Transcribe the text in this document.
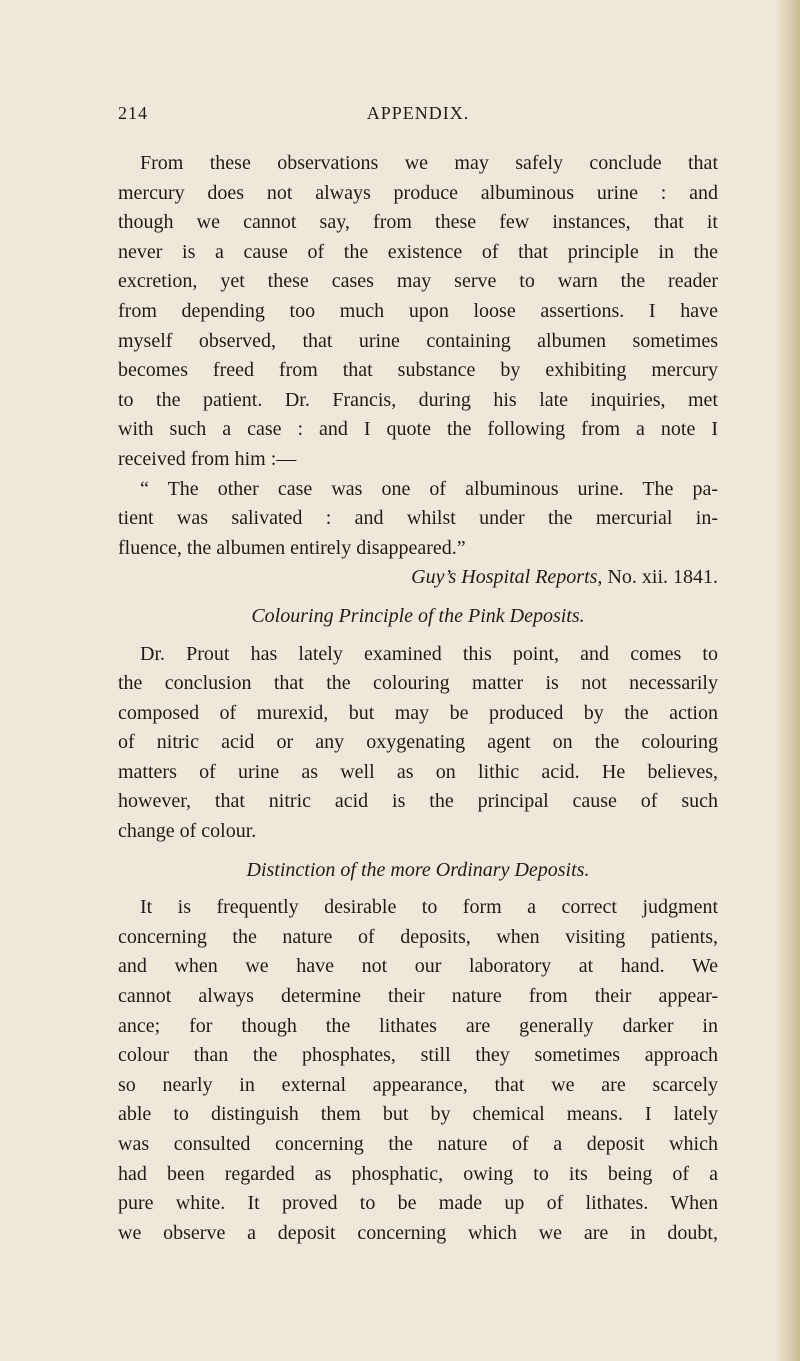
214	APPENDIX.
From these observations we may safely conclude that
mercury does not always produce albuminous urine : and
though we cannot say, from these few instances, that it
never is a cause of the existence of that principle in the
excretion, yet these cases may serve to warn the reader
from depending too much upon loose assertions. I have
myself observed, that urine containing albumen sometimes
becomes freed from that substance by exhibiting mercury
to the patient. Dr. Francis, during his late inquiries, met
with such a case : and I quote the following from a note I
received from him :—
“ The other case was one of albuminous urine. The pa-
tient was salivated : and whilst under the mercurial in-
fluence, the albumen entirely disappeared.”
Guy’s Hospital Reports, No. xii. 1841.
Colouring Principle of the Pink Deposits.
Dr. Prout has lately examined this point, and comes to
the conclusion that the colouring matter is not necessarily
composed of murexid, but may be produced by the action
of nitric acid or any oxygenating agent on the colouring
matters of urine as well as on lithic acid. He believes,
however, that nitric acid is the principal cause of such
change of colour.
Distinction of the more Ordinary Deposits.
It is frequently desirable to form a correct judgment
concerning the nature of deposits, when visiting patients,
and when we have not our laboratory at hand. We
cannot always determine their nature from their appear-
ance; for though the lithates are generally darker in
colour than the phosphates, still they sometimes approach
so nearly in external appearance, that we are scarcely
able to distinguish them but by chemical means. I lately
was consulted concerning the nature of a deposit which
had been regarded as phosphatic, owing to its being of a
pure white. It proved to be made up of lithates. When
we observe a deposit concerning which we are in doubt,
